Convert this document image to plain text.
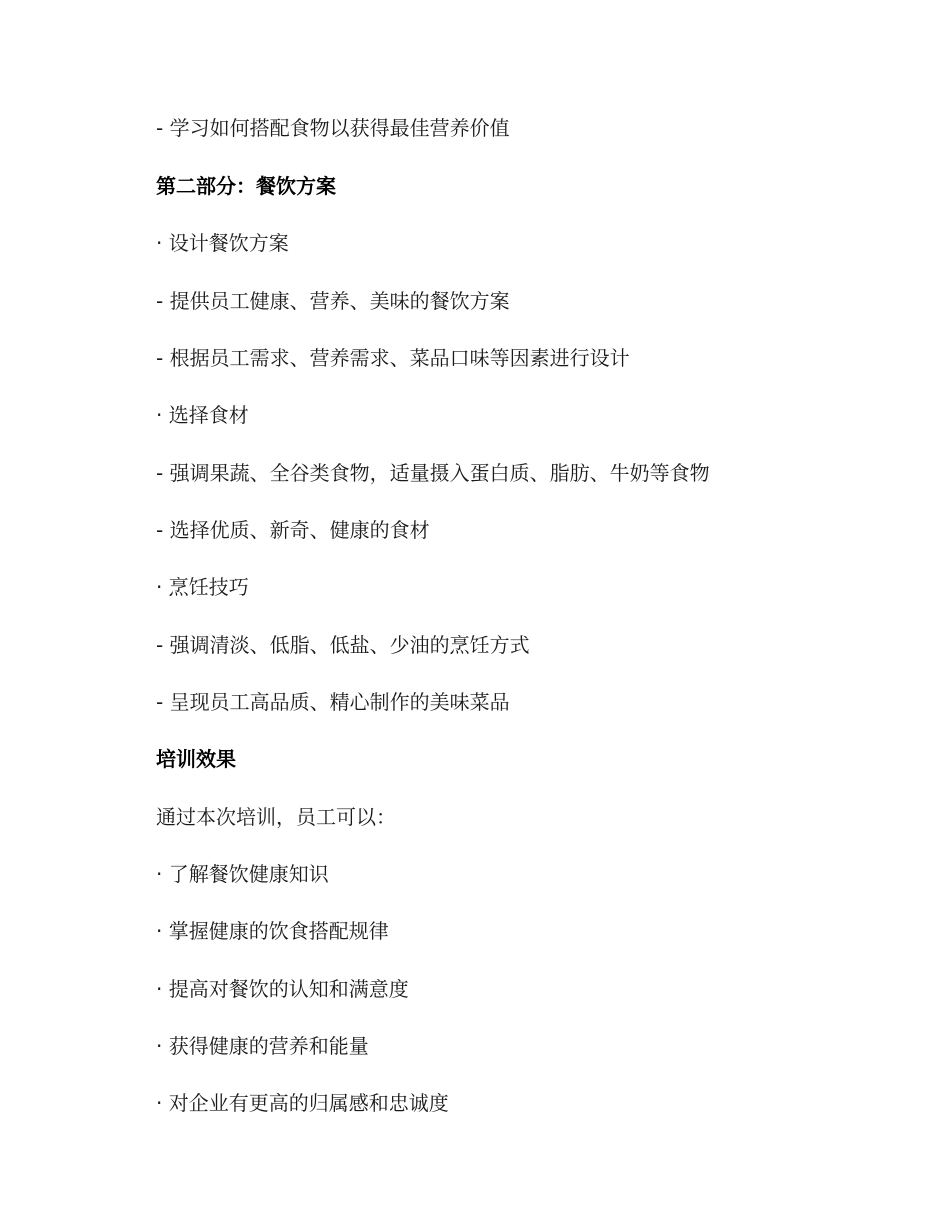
- 学习如何搭配食物以获得最佳营养价值
第二部分：餐饮方案
· 设计餐饮方案
- 提供员工健康、营养、美味的餐饮方案
- 根据员工需求、营养需求、菜品口味等因素进行设计
· 选择食材
- 强调果蔬、全谷类食物，适量摄入蛋白质、脂肪、牛奶等食物
- 选择优质、新奇、健康的食材
· 烹饪技巧
- 强调清淡、低脂、低盐、少油的烹饪方式
- 呈现员工高品质、精心制作的美味菜品
培训效果
通过本次培训，员工可以：
· 了解餐饮健康知识
· 掌握健康的饮食搭配规律
· 提高对餐饮的认知和满意度
· 获得健康的营养和能量
· 对企业有更高的归属感和忠诚度
